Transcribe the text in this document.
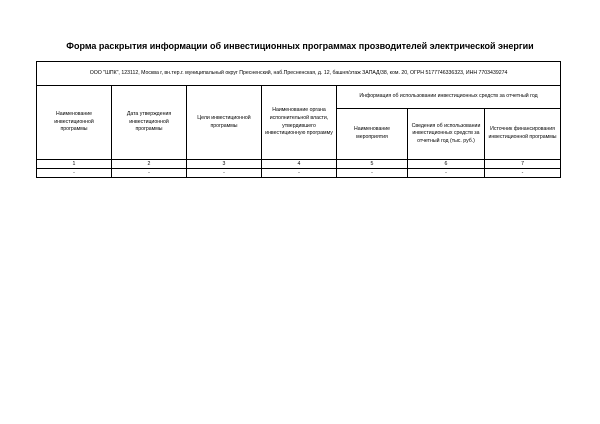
Форма раскрытия информации об инвестиционных программах прозводителей электрической энергии
ООО "ШПК", 123112, Москва г, вн.тер.г. муниципальный округ Пресненский, наб.Пресненская, д. 12, башня/этаж ЗАПАД/38, ком. 20, ОГРН 5177746336323, ИНН 7703439274						
Наименование инвестиционной программы	Дата утверждения инвестиционной программы	Цели инвестиционной программы	Наименование органа исполнительной власти, утвердившего инвестиционную программу	Информация об использовании инвестиционных средств за отчетный год		
				Наименование мероприятия	Сведения об использовании инвестиционных средств за отчетный год (тыс. руб.)	Источник финансирования инвестиционной программы
1	2	3	4	5	6	7
-	-	-	-	-	-	-
